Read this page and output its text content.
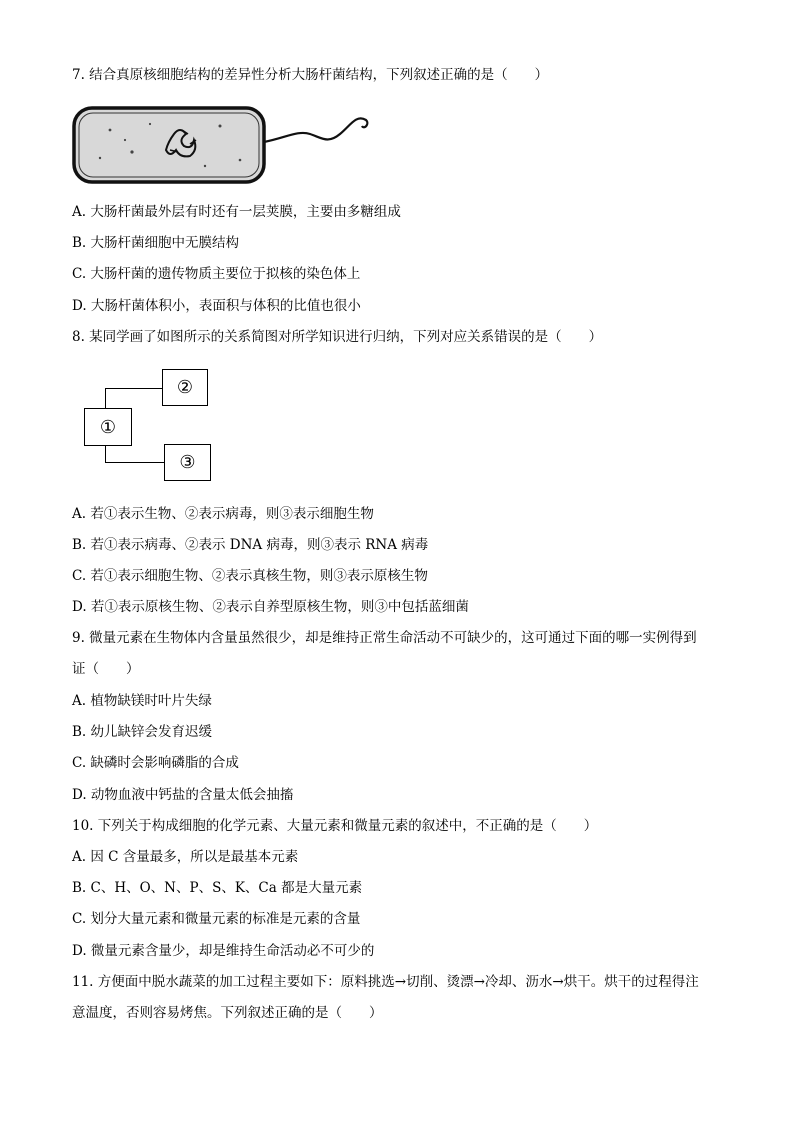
7. 结合真原核细胞结构的差异性分析大肠杆菌结构，下列叙述正确的是（　　）
A. 大肠杆菌最外层有时还有一层荚膜，主要由多糖组成
B. 大肠杆菌细胞中无膜结构
C. 大肠杆菌的遗传物质主要位于拟核的染色体上
D. 大肠杆菌体积小，表面积与体积的比值也很小
8. 某同学画了如图所示的关系简图对所学知识进行归纳，下列对应关系错误的是（　　）
①
②
③
A. 若①表示生物、②表示病毒，则③表示细胞生物
B. 若①表示病毒、②表示 DNA 病毒，则③表示 RNA 病毒
C. 若①表示细胞生物、②表示真核生物，则③表示原核生物
D. 若①表示原核生物、②表示自养型原核生物，则③中包括蓝细菌
9. 微量元素在生物体内含量虽然很少，却是维持正常生命活动不可缺少的，这可通过下面的哪一实例得到
证（　　）
A. 植物缺镁时叶片失绿
B. 幼儿缺锌会发育迟缓
C. 缺磷时会影响磷脂的合成
D. 动物血液中钙盐的含量太低会抽搐
10. 下列关于构成细胞的化学元素、大量元素和微量元素的叙述中，不正确的是（　　）
A. 因 C 含量最多，所以是最基本元素
B. C、H、O、N、P、S、K、Ca 都是大量元素
C. 划分大量元素和微量元素的标准是元素的含量
D. 微量元素含量少，却是维持生命活动必不可少的
11. 方便面中脱水蔬菜的加工过程主要如下：原料挑选→切削、烫漂→冷却、沥水→烘干。烘干的过程得注
意温度，否则容易烤焦。下列叙述正确的是（　　）
